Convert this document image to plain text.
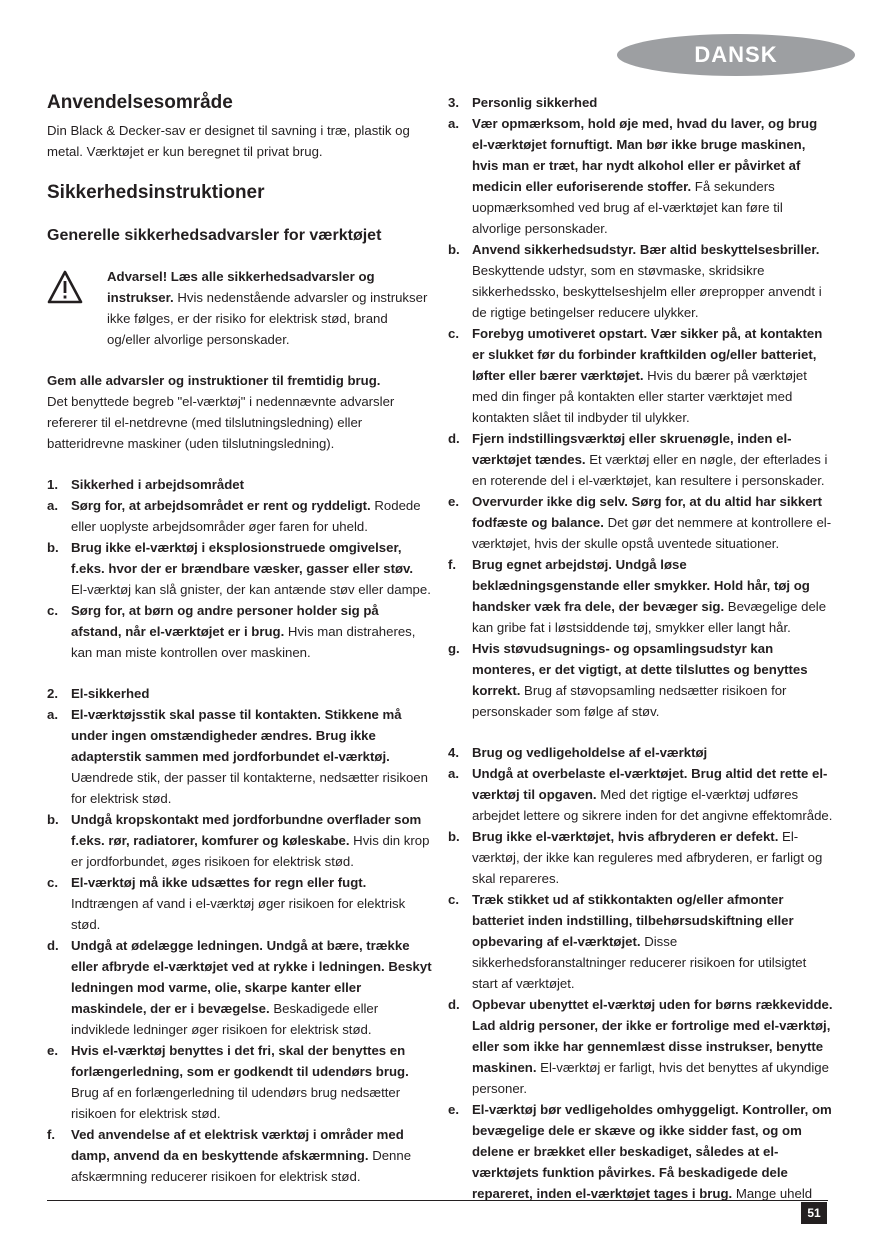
DANSK
Anvendelsesområde

Din Black & Decker-sav er designet til savning i træ, plastik og metal. Værktøjet er kun beregnet til privat brug.

Sikkerhedsinstruktioner
Generelle sikkerhedsadvarsler for værktøjet
Advarsel! Læs alle sikkerhedsadvarsler og instrukser. Hvis nedenstående advarsler og instrukser ikke følges, er der risiko for elektrisk stød, brand og/eller alvorlige personskader.

Gem alle advarsler og instruktioner til fremtidig brug.
Det benyttede begreb "el-værktøj" i nedennævnte advarsler refererer til el-netdrevne (med tilslutningsledning) eller batteridrevne maskiner (uden tilslutningsledning).

1. Sikkerhed i arbejdsområdet
a. Sørg for, at arbejdsområdet er rent og ryddeligt. Rodede eller uoplyste arbejdsområder øger faren for uheld.
b. Brug ikke el-værktøj i eksplosionstruede omgivelser, f.eks. hvor der er brændbare væsker, gasser eller støv. El-værktøj kan slå gnister, der kan antænde støv eller dampe.
c. Sørg for, at børn og andre personer holder sig på afstand, når el-værktøjet er i brug. Hvis man distraheres, kan man miste kontrollen over maskinen.
2. El-sikkerhed
a. El-værktøjsstik skal passe til kontakten. Stikkene må under ingen omstændigheder ændres. Brug ikke adapterstik sammen med jordforbundet el-værktøj. Uændrede stik, der passer til kontakterne, nedsætter risikoen for elektrisk stød.
b. Undgå kropskontakt med jordforbundne overflader som f.eks. rør, radiatorer, komfurer og køleskabe. Hvis din krop er jordforbundet, øges risikoen for elektrisk stød.
c. El-værktøj må ikke udsættes for regn eller fugt. Indtrængen af vand i el-værktøj øger risikoen for elektrisk stød.
d. Undgå at ødelægge ledningen. Undgå at bære, trække eller afbryde el-værktøjet ved at rykke i ledningen. Beskyt ledningen mod varme, olie, skarpe kanter eller maskindele, der er i bevægelse. Beskadigede eller indviklede ledninger øger risikoen for elektrisk stød.
e. Hvis el-værktøj benyttes i det fri, skal der benyttes en forlængerledning, som er godkendt til udendørs brug. Brug af en forlængerledning til udendørs brug nedsætter risikoen for elektrisk stød.
f.	Ved anvendelse af et elektrisk værktøj i områder med damp, anvend da en beskyttende afskærmning. Denne afskærmning reducerer risikoen for elektrisk stød.
3. Personlig sikkerhed
a. Vær opmærksom, hold øje med, hvad du laver, og brug el-værktøjet fornuftigt. Man bør ikke bruge maskinen, hvis man er træt, har nydt alkohol eller er påvirket af medicin eller euforiserende stoffer. Få sekunders uopmærksomhed ved brug af el-værktøjet kan føre til alvorlige personskader.
b. Anvend sikkerhedsudstyr. Bær altid beskyttelsesbriller. Beskyttende udstyr, som en støvmaske, skridsikre sikkerhedssko, beskyttelseshjelm eller ørepropper anvendt i de rigtige betingelser reducere ulykker.
c. Forebyg umotiveret opstart. Vær sikker på, at kontakten er slukket før du forbinder kraftkilden og/eller batteriet, løfter eller bærer værktøjet. Hvis du bærer på værktøjet med din finger på kontakten eller starter værktøjet med kontakten slået til indbyder til ulykker.
d. Fjern indstillingsværktøj eller skruenøgle, inden el-værktøjet tændes. Et værktøj eller en nøgle, der efterlades i en roterende del i el-værktøjet, kan resultere i personskader.
e. Overvurder ikke dig selv. Sørg for, at du altid har sikkert fodfæste og balance. Det gør det nemmere at kontrollere el-værktøjet, hvis der skulle opstå uventede situationer.
f.	Brug egnet arbejdstøj. Undgå løse beklædningsgenstande eller smykker. Hold hår, tøj og handsker væk fra dele, der bevæger sig. Bevægelige dele kan gribe fat i løstsiddende tøj, smykker eller langt hår.
g. Hvis støvudsugnings- og opsamlingsudstyr kan monteres, er det vigtigt, at dette tilsluttes og benyttes korrekt. Brug af støvopsamling nedsætter risikoen for personskader som følge af støv.
4. Brug og vedligeholdelse af el-værktøj
a. Undgå at overbelaste el-værktøjet. Brug altid det rette el-værktøj til opgaven. Med det rigtige el-værktøj udføres arbejdet lettere og sikrere inden for det angivne effektområde.
b. Brug ikke el-værktøjet, hvis afbryderen er defekt. El-værktøj, der ikke kan reguleres med afbryderen, er farligt og skal repareres.
c. Træk stikket ud af stikkontakten og/eller afmonter batteriet inden indstilling, tilbehørsudskiftning eller opbevaring af el-værktøjet. Disse sikkerhedsforanstaltninger reducerer risikoen for utilsigtet start af værktøjet.
d. Opbevar ubenyttet el-værktøj uden for børns rækkevidde. Lad aldrig personer, der ikke er fortrolige med el-værktøj, eller som ikke har gennemlæst disse instrukser, benytte maskinen. El-værktøj er farligt, hvis det benyttes af ukyndige personer.
e. El-værktøj bør vedligeholdes omhyggeligt. Kontroller, om bevægelige dele er skæve og ikke sidder fast, og om delene er brækket eller beskadiget, således at el-værktøjets funktion påvirkes. Få beskadigede dele repareret, inden el-værktøjet tages i brug. Mange uheld
51
